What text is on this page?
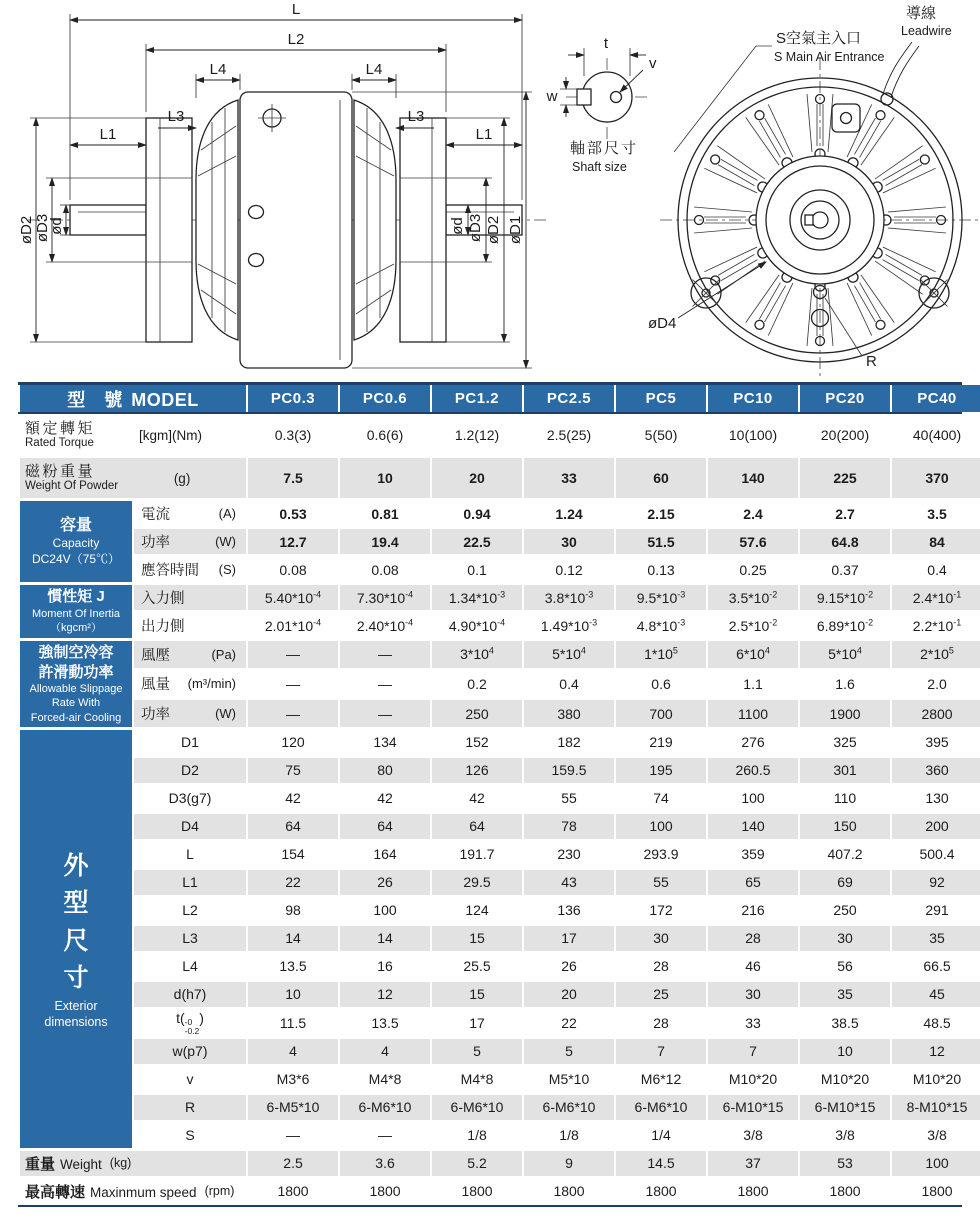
L
L2
L4	L4
L3	L3
L1	L1
øD2 øD3
ød	ød øD3 øD2 øD1
t
v
w
軸部尺寸
Shaft size
導線
Leadwire
S空氣主入口
S Main Air Entrance
øD4
R
型 號 MODEL		PC0.3	PC0.6	PC1.2	PC2.5	PC5	PC10	PC20	PC40

額定轉矩
Rated Torque
[kgm](Nm)		0.3(3)	0.6(6)	1.2(12)	2.5(25)	5(50)	10(100)	20(200)	40(400)

磁粉重量
Weight Of Powder
(g)		7.5	10	20	33	60	140	225	370

容量
Capacity
DC24V（75℃）	電流 (A)	0.53	0.81	0.94	1.24	2.15	2.4	2.7	3.5

	功率 (W)	12.7	19.4	22.5	30	51.5	57.6	64.8	84

	應答時間 (S)	0.08	0.08	0.1	0.12	0.13	0.25	0.37	0.4

慣性矩 J
Moment Of Inertia
（kgcm²）	入力側	$5.40*10^{-4}$	$7.30*10^{-4}$	$1.34*10^{-3}$	$3.8*10^{-3}$	$9.5*10^{-3}$	$3.5*10^{-2}$	$9.15*10^{-2}$	$2.4*10^{-1}$

	出力側	$2.01*10^{-4}$	$2.40*10^{-4}$	$4.90*10^{-4}$	$1.49*10^{-3}$	$4.8*10^{-3}$	$2.5*10^{-2}$	$6.89*10^{-2}$	$2.2*10^{-1}$

強制空冷容
許滑動功率
Allowable Slippage
Rate With
Forced-air Cooling	風壓 (Pa)	—	—	$3*10^4$	$5*10^4$	$1*10^5$	$6*10^4$	$5*10^4$	$2*10^5$

	風量 (m³/min)	—	—	0.2	0.4	0.6	1.1	1.6	2.0

	功率 (W)	—	—	250	380	700	1100	1900	2800

外
型
尺
寸
Exterior
dimensions

D1	120	134	152	182	219	276	325	395

	D2	75	80	126	159.5	195	260.5	301	360

	D3(g7)	42	42	42	55	74	100	110	130

	D4	64	64	64	78	100	140	150	200

	L	154	164	191.7	230	293.9	359	407.2	500.4

	L1	22	26	29.5	43	55	65	69	92

	L2	98	100	124	136	172	216	250	291

	L3	14	14	15	17	30	28	30	35

	L4	13.5	16	25.5	26	28	46	56	66.5

	d(h7)	10	12	15	20	25	30	35	45

	t( -0
-0.2
)	11.5	13.5	17	22	28	33	38.5	48.5

	w(p7)	4	4	5	5	7	7	10	12

	v	M3*6	M4*8	M4*8	M5*10	M6*12	M10*20	M10*20	M10*20

	R	6-M5*10	6-M6*10	6-M6*10	6-M6*10	6-M6*10	6-M10*15	6-M10*15	8-M10*15

	S	—	—	1/8	1/8	1/4	3/8	3/8	3/8

重量 Weight (kg)		2.5	3.6	5.2	9	14.5	37	53	100

最高轉速 Maxinmum speed (rpm)		1800	1800	1800	1800	1800	1800	1800	1800
